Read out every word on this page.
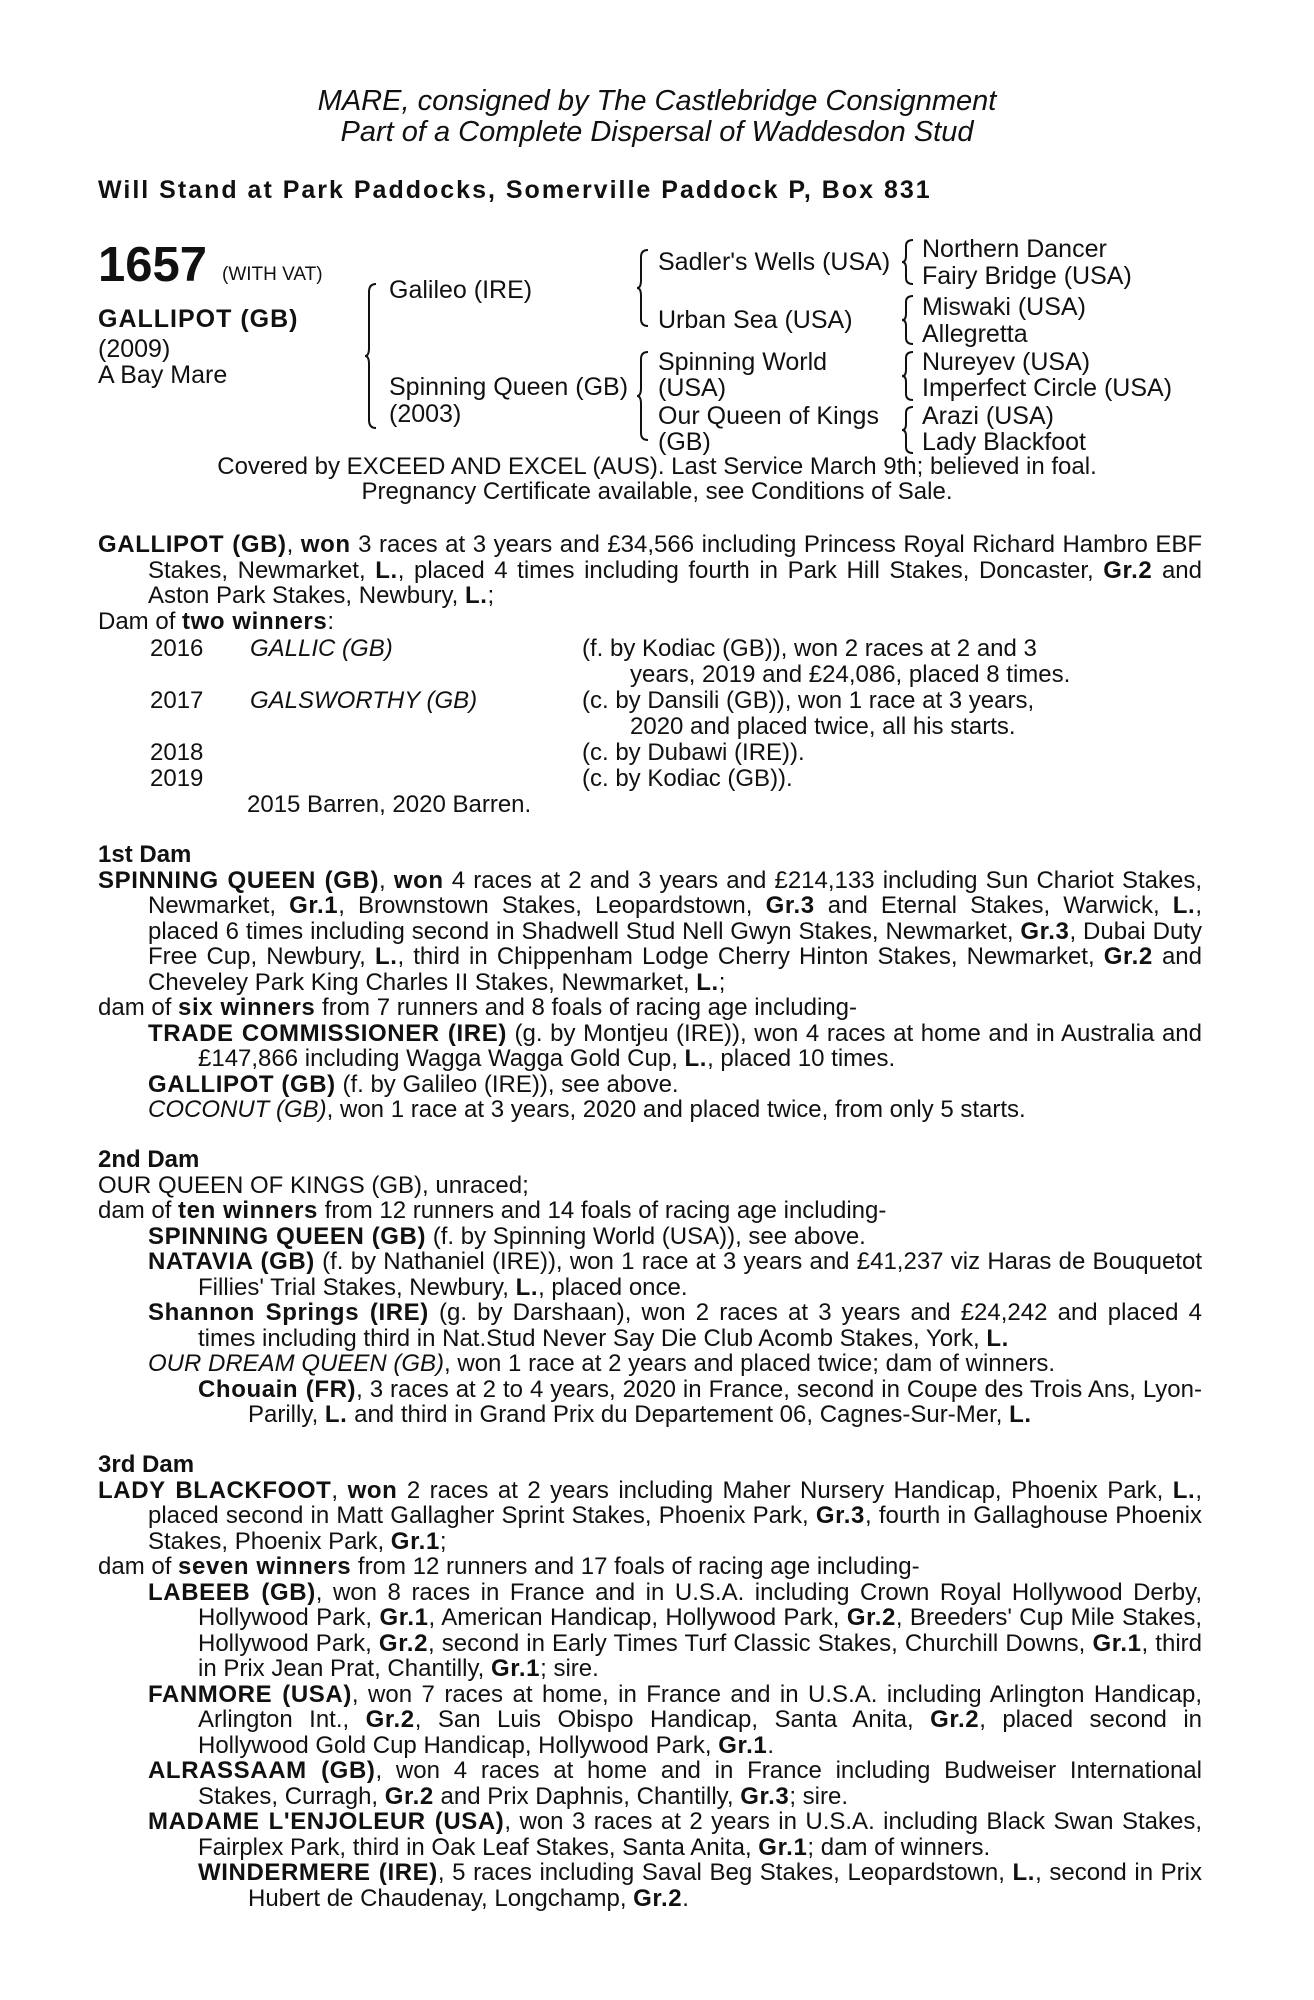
MARE, consigned by The Castlebridge Consignment
Part of a Complete Dispersal of Waddesdon Stud
Will Stand at Park Paddocks, Somerville Paddock P, Box 831
1657 (WITH VAT)
GALLIPOT (GB)
(2009)
A Bay Mare
Galileo (IRE)
Spinning Queen (GB)
(2003)
Sadler's Wells (USA)
Urban Sea (USA)
Spinning World
(USA)
Our Queen of Kings
(GB)
Northern Dancer
Fairy Bridge (USA)
Miswaki (USA)
Allegretta
Nureyev (USA)
Imperfect Circle (USA)
Arazi (USA)
Lady Blackfoot
Covered by EXCEED AND EXCEL (AUS). Last Service March 9th; believed in foal.
Pregnancy Certificate available, see Conditions of Sale.

GALLIPOT (GB), won 3 races at 3 years and £34,566 including Princess Royal Richard Hambro EBF Stakes, Newmarket, L., placed 4 times including fourth in Park Hill Stakes, Doncaster, Gr.2 and Aston Park Stakes, Newbury, L.;

Dam of two winners:

2016 GALLIC (GB)	(f. by Kodiac (GB)), won 2 races at 2 and 3
years, 2019 and £24,086, placed 8 times.
2017 GALSWORTHY (GB)	(c. by Dansili (GB)), won 1 race at 3 years,
2020 and placed twice, all his starts.
2018	(c. by Dubawi (IRE)).
2019	(c. by Kodiac (GB)).
2015 Barren, 2020 Barren.

1st Dam

SPINNING QUEEN (GB), won 4 races at 2 and 3 years and £214,133 including Sun Chariot Stakes, Newmarket, Gr.1, Brownstown Stakes, Leopardstown, Gr.3 and Eternal Stakes, Warwick, L., placed 6 times including second in Shadwell Stud Nell Gwyn Stakes, Newmarket, Gr.3, Dubai Duty Free Cup, Newbury, L., third in Chippenham Lodge Cherry Hinton Stakes, Newmarket, Gr.2 and Cheveley Park King Charles II Stakes, Newmarket, L.;

dam of six winners from 7 runners and 8 foals of racing age including-

TRADE COMMISSIONER (IRE) (g. by Montjeu (IRE)), won 4 races at home and in Australia and £147,866 including Wagga Wagga Gold Cup, L., placed 10 times.

GALLIPOT (GB) (f. by Galileo (IRE)), see above.

COCONUT (GB), won 1 race at 3 years, 2020 and placed twice, from only 5 starts.

2nd Dam

OUR QUEEN OF KINGS (GB), unraced;

dam of ten winners from 12 runners and 14 foals of racing age including-

SPINNING QUEEN (GB) (f. by Spinning World (USA)), see above.

NATAVIA (GB) (f. by Nathaniel (IRE)), won 1 race at 3 years and £41,237 viz Haras de Bouquetot Fillies' Trial Stakes, Newbury, L., placed once.

Shannon Springs (IRE) (g. by Darshaan), won 2 races at 3 years and £24,242 and placed 4 times including third in Nat.Stud Never Say Die Club Acomb Stakes, York, L.

OUR DREAM QUEEN (GB), won 1 race at 2 years and placed twice; dam of winners.

Chouain (FR), 3 races at 2 to 4 years, 2020 in France, second in Coupe des Trois Ans, Lyon-Parilly, L. and third in Grand Prix du Departement 06, Cagnes-Sur-Mer, L.

3rd Dam

LADY BLACKFOOT, won 2 races at 2 years including Maher Nursery Handicap, Phoenix Park, L., placed second in Matt Gallagher Sprint Stakes, Phoenix Park, Gr.3, fourth in Gallaghouse Phoenix Stakes, Phoenix Park, Gr.1;

dam of seven winners from 12 runners and 17 foals of racing age including-

LABEEB (GB), won 8 races in France and in U.S.A. including Crown Royal Hollywood Derby, Hollywood Park, Gr.1, American Handicap, Hollywood Park, Gr.2, Breeders' Cup Mile Stakes, Hollywood Park, Gr.2, second in Early Times Turf Classic Stakes, Churchill Downs, Gr.1, third in Prix Jean Prat, Chantilly, Gr.1; sire.

FANMORE (USA), won 7 races at home, in France and in U.S.A. including Arlington Handicap, Arlington Int., Gr.2, San Luis Obispo Handicap, Santa Anita, Gr.2, placed second in Hollywood Gold Cup Handicap, Hollywood Park, Gr.1.

ALRASSAAM (GB), won 4 races at home and in France including Budweiser International Stakes, Curragh, Gr.2 and Prix Daphnis, Chantilly, Gr.3; sire.

MADAME L'ENJOLEUR (USA), won 3 races at 2 years in U.S.A. including Black Swan Stakes, Fairplex Park, third in Oak Leaf Stakes, Santa Anita, Gr.1; dam of winners.

WINDERMERE (IRE), 5 races including Saval Beg Stakes, Leopardstown, L., second in Prix Hubert de Chaudenay, Longchamp, Gr.2.
